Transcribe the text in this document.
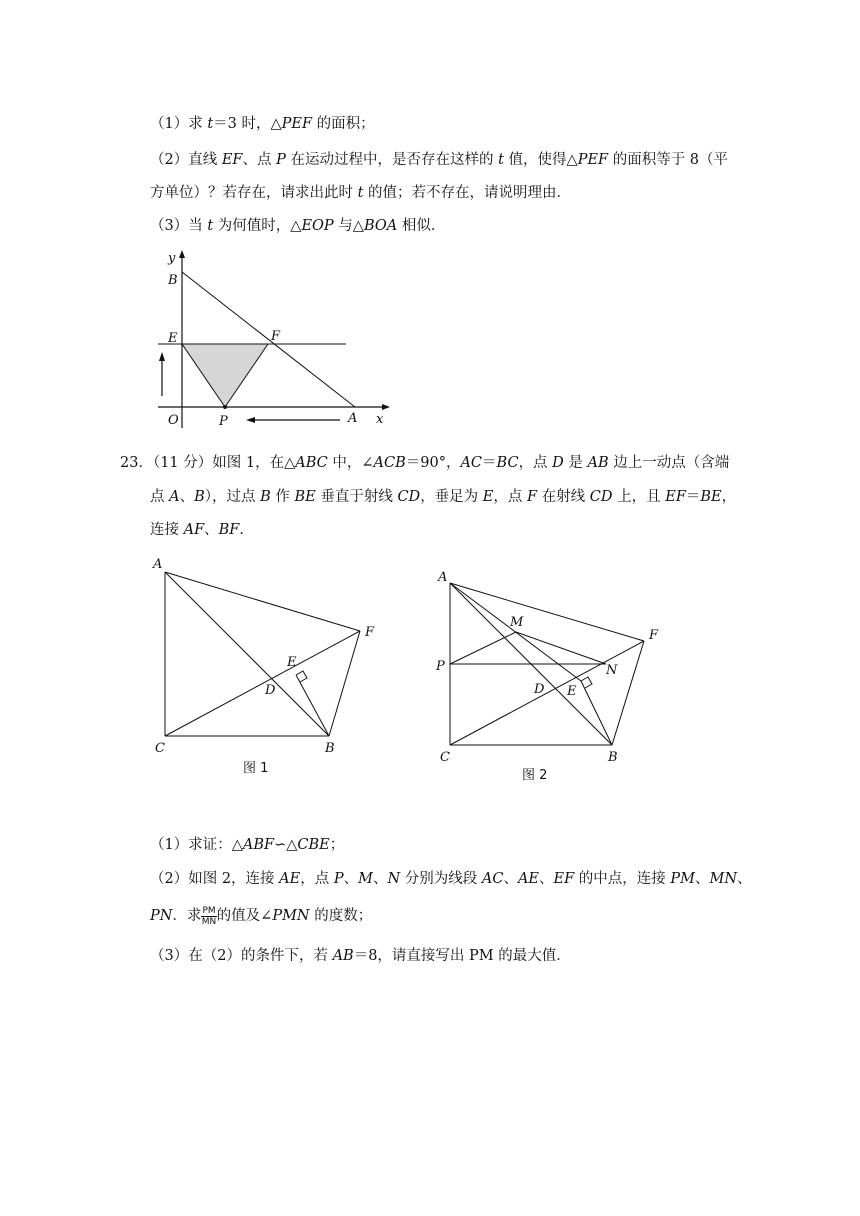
（1）求 t＝3 时，△PEF 的面积；
（2）直线 EF、点 P 在运动过程中，是否存在这样的 t 值，使得△PEF 的面积等于 8（平
方单位）？若存在，请求出此时 t 的值；若不存在，请说明理由．
（3）当 t 为何值时，△EOP 与△BOA 相似．
y
B
E	F
O	P	A x
23．（11 分）如图 1，在△ABC 中，∠ACB＝90°，AC＝BC，点 D 是 AB 边上一动点（含端
点 A、B），过点 B 作 BE 垂直于射线 CD，垂足为 E，点 F 在射线 CD 上，且 EF＝BE，
连接 AF、BF．
A
F
E
D
C	B
图 1
A
M
F
P	N
D E
C	B
图 2
（1）求证：△ABF∽△CBE；
（2）如图 2，连接 AE，点 P、M、N 分别为线段 AC、AE、EF 的中点，连接 PM、MN、
PN．求 $\frac{PM}{MN}$ 的值及∠PMN 的度数；
（3）在（2）的条件下，若 AB＝8，请直接写出 PM 的最大值．
